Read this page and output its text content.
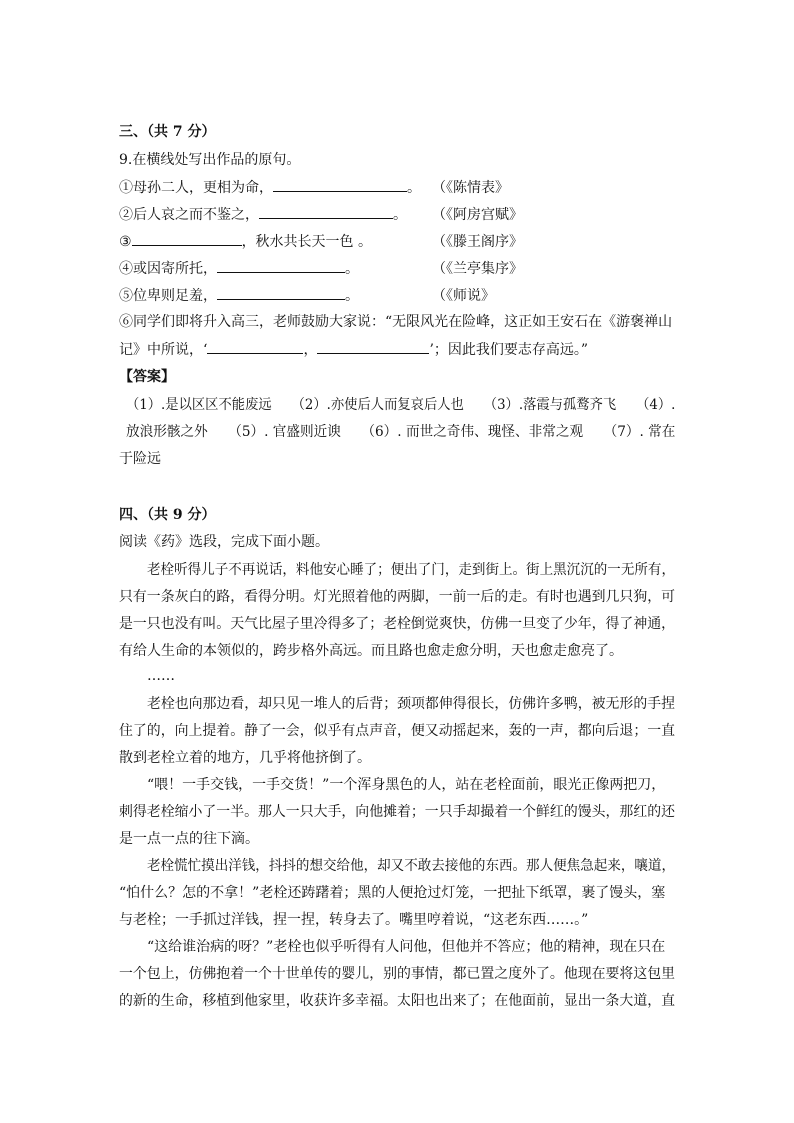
三、（共 7 分）
9.在横线处写出作品的原句。
①母孙二人，更相为命，	。 （《陈情表》
②后人哀之而不鉴之，	。 （《阿房宫赋》
③	，秋水共长天一色 。	（《滕王阁序》
④或因寄所托，	。	（《兰亭集序》
⑤位卑则足羞，	。	（《师说》
⑥同学们即将升入高三，老师鼓励大家说：“无限风光在险峰，这正如王安石在《游褒禅山
记》中所说，‘	，	’；因此我们要志存高远。”
【答案】
（1）.是以区区不能废远　　（2）.亦使后人而复哀后人也　　（3）.落霞与孤鹜齐飞　　（4）.
放浪形骸之外　　（5）. 官盛则近谀　　（6）. 而世之奇伟、瑰怪、非常之观　　（7）. 常在
于险远
四、（共 9 分）
阅读《药》选段，完成下面小题。
老栓听得儿子不再说话，料他安心睡了；便出了门，走到街上。街上黑沉沉的一无所有，
只有一条灰白的路，看得分明。灯光照着他的两脚，一前一后的走。有时也遇到几只狗，可
是一只也没有叫。天气比屋子里冷得多了；老栓倒觉爽快，仿佛一旦变了少年，得了神通，
有给人生命的本领似的，跨步格外高远。而且路也愈走愈分明，天也愈走愈亮了。
……
老栓也向那边看，却只见一堆人的后背；颈项都伸得很长，仿佛许多鸭，被无形的手捏
住了的，向上提着。静了一会，似乎有点声音，便又动摇起来，轰的一声，都向后退；一直
散到老栓立着的地方，几乎将他挤倒了。
“喂！一手交钱，一手交货！”一个浑身黑色的人，站在老栓面前，眼光正像两把刀，
刺得老栓缩小了一半。那人一只大手，向他摊着；一只手却撮着一个鲜红的馒头，那红的还
是一点一点的往下滴。
老栓慌忙摸出洋钱，抖抖的想交给他，却又不敢去接他的东西。那人便焦急起来，嚷道，
“怕什么？怎的不拿！”老栓还踌躇着；黑的人便抢过灯笼，一把扯下纸罩，裹了馒头，塞
与老栓；一手抓过洋钱，捏一捏，转身去了。嘴里哼着说，“这老东西……。”
“这给谁治病的呀？”老栓也似乎听得有人问他，但他并不答应；他的精神，现在只在
一个包上，仿佛抱着一个十世单传的婴儿，别的事情，都已置之度外了。他现在要将这包里
的新的生命，移植到他家里，收获许多幸福。太阳也出来了；在他面前，显出一条大道，直
